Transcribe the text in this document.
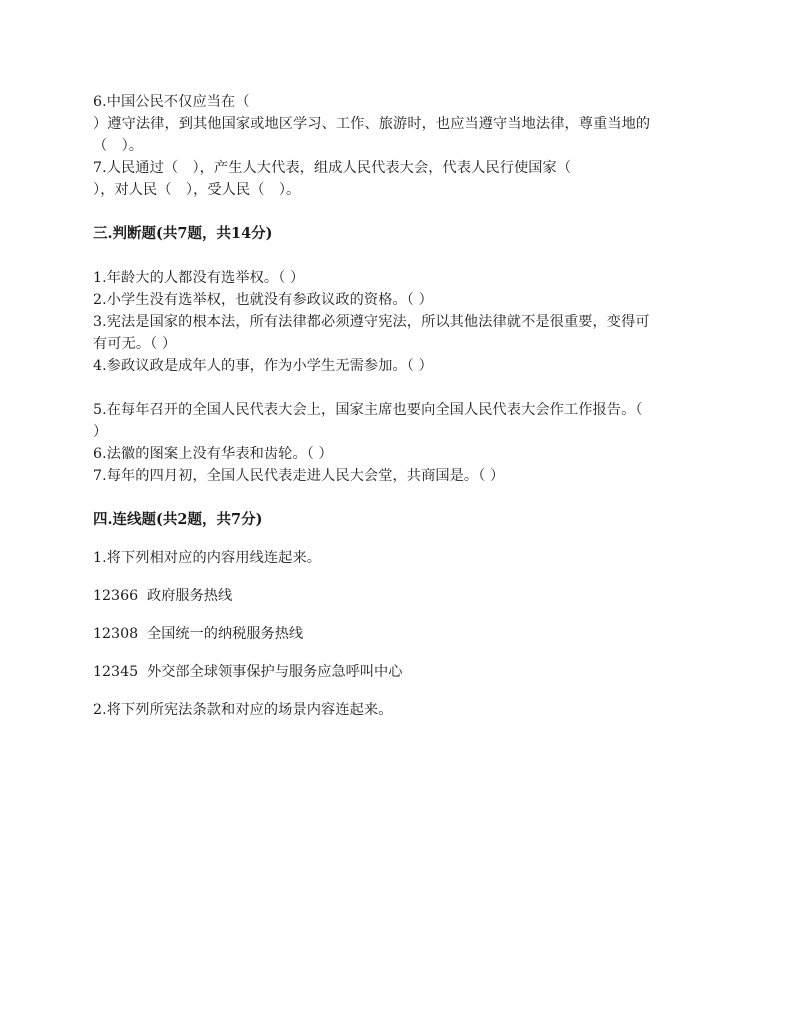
6.中国公民不仅应当在（
）遵守法律，到其他国家或地区学习、工作、旅游时，也应当遵守当地法律，尊重当地的
（　）。
7.人民通过（　），产生人大代表，组成人民代表大会，代表人民行使国家（
），对人民（　），受人民（　）。
三.判断题(共7题，共14分)
1.年龄大的人都没有选举权。（ ）
2.小学生没有选举权，也就没有参政议政的资格。（ ）
3.宪法是国家的根本法，所有法律都必须遵守宪法，所以其他法律就不是很重要，变得可
有可无。（ ）
4.参政议政是成年人的事，作为小学生无需参加。（ ）
5.在每年召开的全国人民代表大会上，国家主席也要向全国人民代表大会作工作报告。（
）
6.法徽的图案上没有华表和齿轮。（ ）
7.每年的四月初，全国人民代表走进人民大会堂，共商国是。（ ）
四.连线题(共2题，共7分)
1.将下列相对应的内容用线连起来。
12366 政府服务热线
12308 全国统一的纳税服务热线
12345 外交部全球领事保护与服务应急呼叫中心
2.将下列所宪法条款和对应的场景内容连起来。
